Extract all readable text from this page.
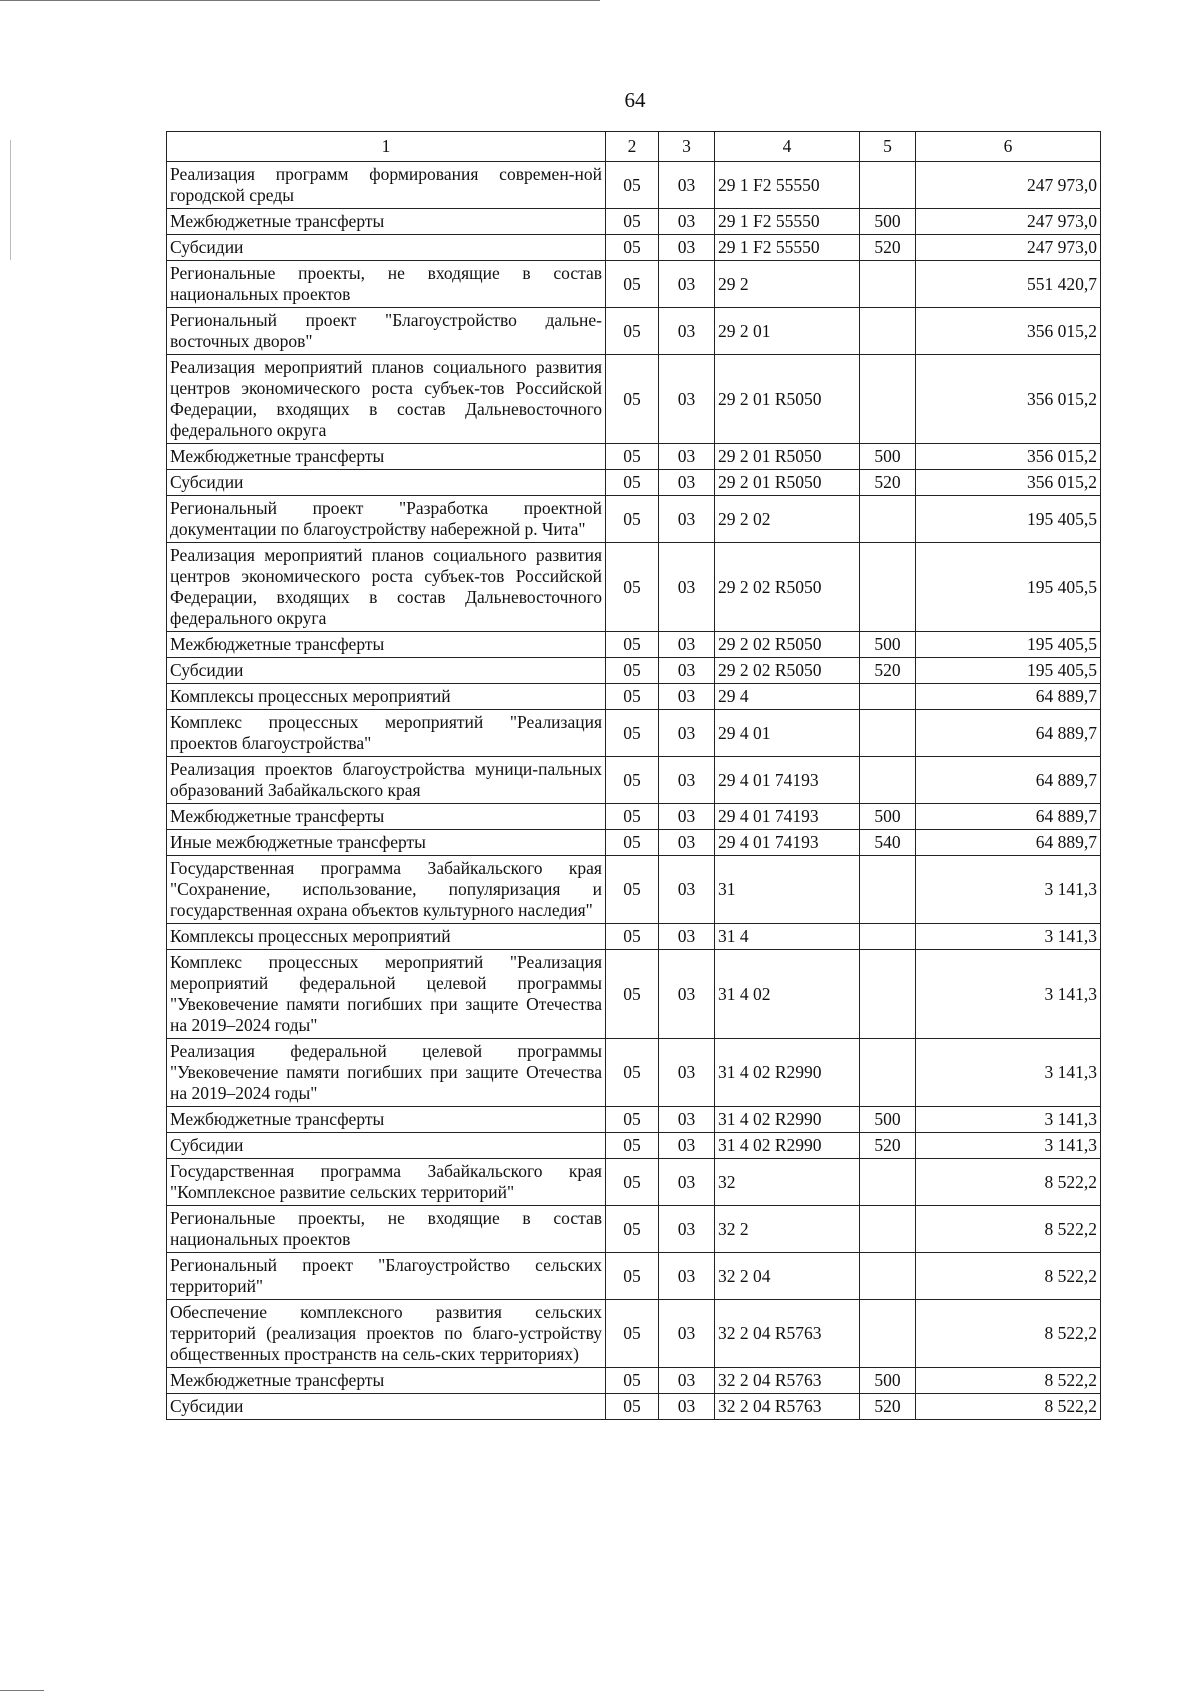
64
1	2	3	4	5	6
Реализация программ формирования современ-ной городской среды	05	03	29 1 F2 55550		247 973,0
Межбюджетные трансферты	05	03	29 1 F2 55550	500	247 973,0
Субсидии	05	03	29 1 F2 55550	520	247 973,0
Региональные проекты, не входящие в состав национальных проектов	05	03	29 2		551 420,7
Региональный проект "Благоустройство дальне-восточных дворов"	05	03	29 2 01		356 015,2
Реализация мероприятий планов социального развития центров экономического роста субъек-тов Российской Федерации, входящих в состав Дальневосточного федерального округа	05	03	29 2 01 R5050		356 015,2
Межбюджетные трансферты	05	03	29 2 01 R5050	500	356 015,2
Субсидии	05	03	29 2 01 R5050	520	356 015,2
Региональный проект "Разработка проектной документации по благоустройству набережной р. Чита"	05	03	29 2 02		195 405,5
Реализация мероприятий планов социального развития центров экономического роста субъек-тов Российской Федерации, входящих в состав Дальневосточного федерального округа	05	03	29 2 02 R5050		195 405,5
Межбюджетные трансферты	05	03	29 2 02 R5050	500	195 405,5
Субсидии	05	03	29 2 02 R5050	520	195 405,5
Комплексы процессных мероприятий	05	03	29 4		64 889,7
Комплекс процессных мероприятий "Реализация проектов благоустройства"	05	03	29 4 01		64 889,7
Реализация проектов благоустройства муници-пальных образований Забайкальского края	05	03	29 4 01 74193		64 889,7
Межбюджетные трансферты	05	03	29 4 01 74193	500	64 889,7
Иные межбюджетные трансферты	05	03	29 4 01 74193	540	64 889,7
Государственная программа Забайкальского края "Сохранение, использование, популяризация и государственная охрана объектов культурного наследия"	05	03	31		3 141,3
Комплексы процессных мероприятий	05	03	31 4		3 141,3
Комплекс процессных мероприятий "Реализация мероприятий федеральной целевой программы "Увековечение памяти погибших при защите Отечества на 2019–2024 годы"	05	03	31 4 02		3 141,3
Реализация федеральной целевой программы "Увековечение памяти погибших при защите Отечества на 2019–2024 годы"	05	03	31 4 02 R2990		3 141,3
Межбюджетные трансферты	05	03	31 4 02 R2990	500	3 141,3
Субсидии	05	03	31 4 02 R2990	520	3 141,3
Государственная программа Забайкальского края "Комплексное развитие сельских территорий"	05	03	32		8 522,2
Региональные проекты, не входящие в состав национальных проектов	05	03	32 2		8 522,2
Региональный проект "Благоустройство сельских территорий"	05	03	32 2 04		8 522,2
Обеспечение комплексного развития сельских территорий (реализация проектов по благо-устройству общественных пространств на сель-ских территориях)	05	03	32 2 04 R5763		8 522,2
Межбюджетные трансферты	05	03	32 2 04 R5763	500	8 522,2
Субсидии	05	03	32 2 04 R5763	520	8 522,2
